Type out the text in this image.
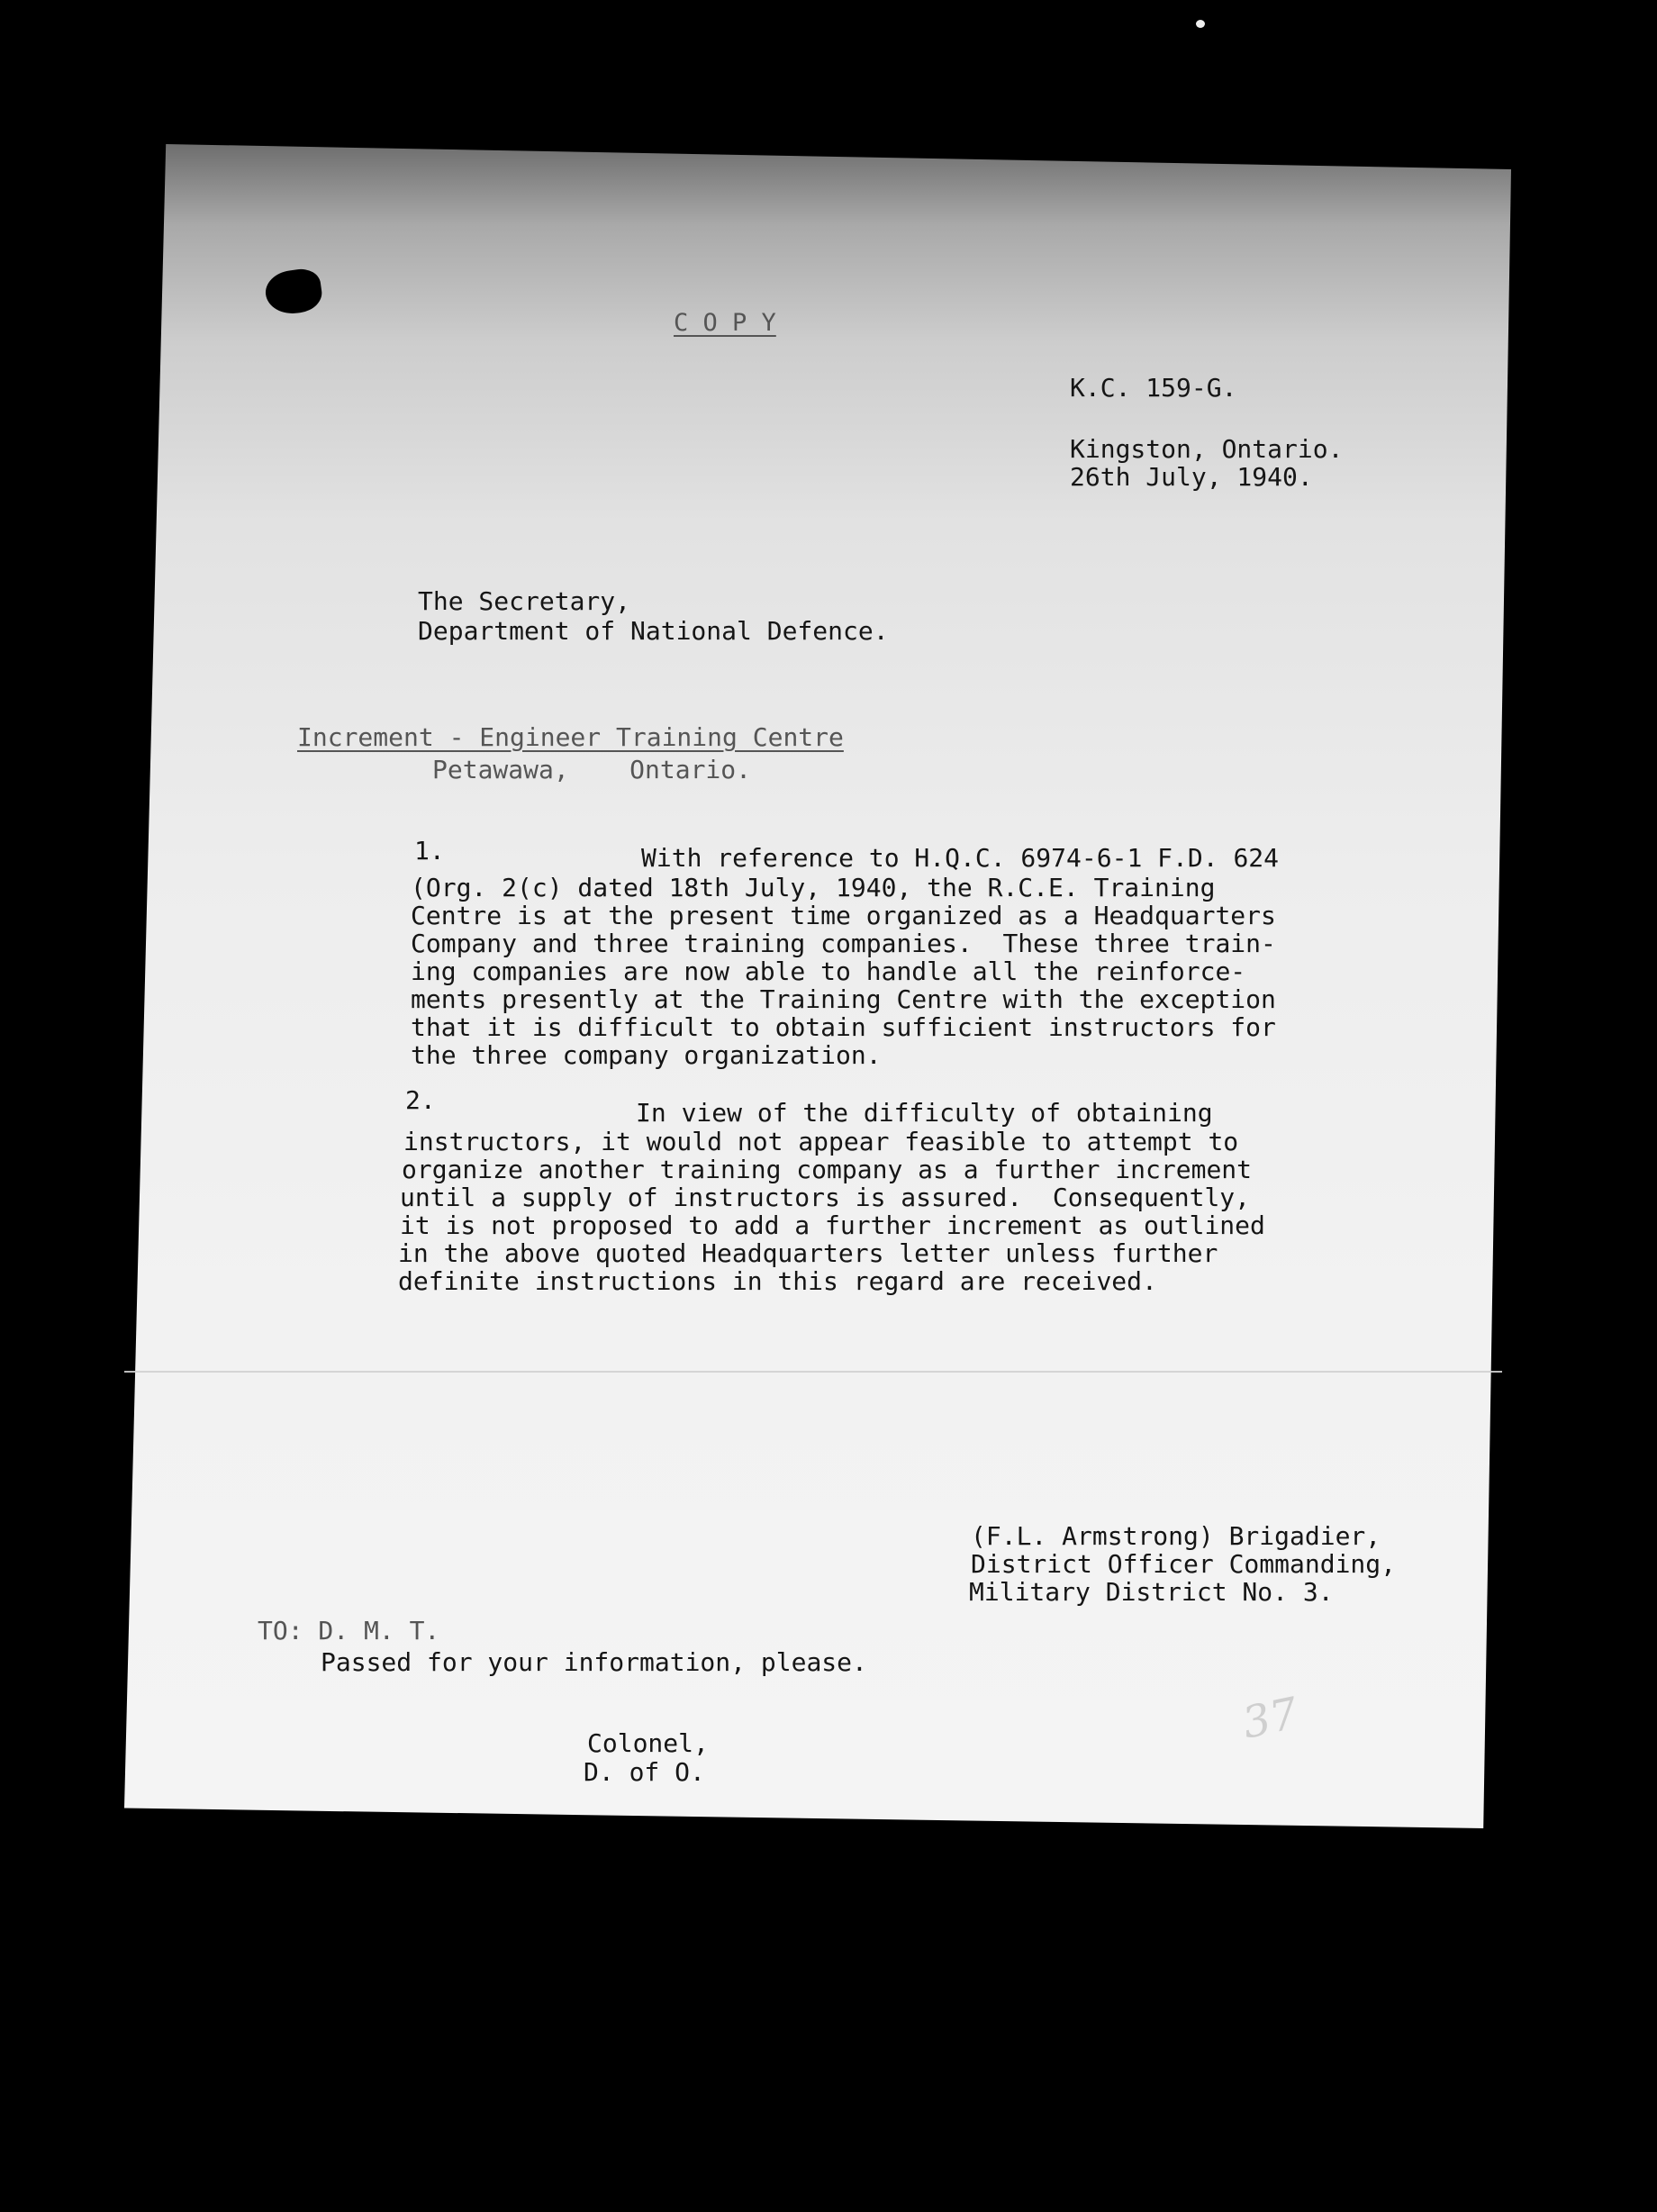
C O P Y

K.C. 159-G.

Kingston, Ontario.

26th July, 1940.

The Secretary,

Department of National Defence.

Increment - Engineer Training Centre

Petawawa,    Ontario.

1.	With reference to H.Q.C. 6974-6-1 F.D. 624

(Org. 2(c) dated 18th July, 1940, the R.C.E. Training

Centre is at the present time organized as a Headquarters

Company and three training companies.  These three train-

ing companies are now able to handle all the reinforce-

ments presently at the Training Centre with the exception

that it is difficult to obtain sufficient instructors for

the three company organization.

2.	In view of the difficulty of obtaining

instructors, it would not appear feasible to attempt to

organize another training company as a further increment

until a supply of instructors is assured.  Consequently,

it is not proposed to add a further increment as outlined

in the above quoted Headquarters letter unless further

definite instructions in this regard are received.

(F.L. Armstrong) Brigadier,

District Officer Commanding,

Military District No. 3.

TO: D. M. T.

Passed for your information, please.

Colonel,

D. of O.

37
